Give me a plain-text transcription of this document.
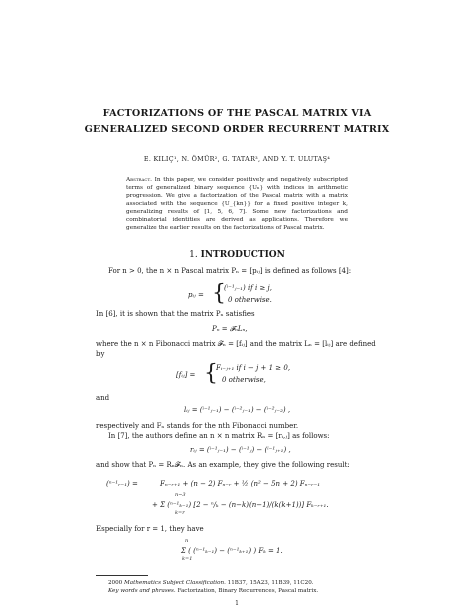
FACTORIZATIONS OF THE PASCAL MATRIX VIA
GENERALIZED SECOND ORDER RECURRENT MATRIX
E. KILIÇ¹, N. ÖMÜR², G. TATAR³, AND Y. T. ULUTAŞ⁴
Abstract. In this paper, we consider positively and negatively subscripted terms of generalized binary sequence {Uₙ} with indices in arithmetic progression. We give a factorization of the Pascal matrix with a matrix associated with the sequence {U_{kn}} for a fixed positive integer k, generalizing results of [1, 5, 6, 7]. Some new factorizations and combinatorial identities are derived as applications. Therefore we generalize the earlier results on the factorizations of Pascal matrix.
1. INTRODUCTION
For n > 0, the n × n Pascal matrix Pₙ = [pᵢⱼ] is defined as follows [4]:
pᵢⱼ = {
(ⁱ⁻¹ⱼ₋₁) if i ≥ j,
0 otherwise.
In [6], it is shown that the matrix Pₙ satisfies
Pₙ = 𝓕ₙLₙ,
where the n × n Fibonacci matrix 𝓕ₙ = [fᵢⱼ] and the matrix Lₙ = [lᵢⱼ] are defined
by
[fᵢⱼ] = {
Fᵢ₋ⱼ₊₁ if i − j + 1 ≥ 0,
0 otherwise,
and
lᵢⱼ = (ⁱ⁻¹ⱼ₋₁) − (ⁱ⁻²ⱼ₋₁) − (ⁱ⁻²ⱼ₋₂) ,
respectively and Fₙ stands for the nth Fibonacci number.
In [7], the authors define an n × n matrix Rₙ = [rᵢ,ⱼ] as follows:
rᵢⱼ = (ⁱ⁻¹ⱼ₋₁) − (ⁱ⁻¹ⱼ) − (ⁱ⁻¹ⱼ₊₁) ,
and show that Pₙ = Rₙ𝓕ₙ. As an example, they give the following result:
(ⁿ⁻¹ᵣ₋₁) =	Fₙ₋ᵣ₊₁ + (n − 2) Fₙ₋ᵣ + ½ (n² − 5n + 2) Fₙ₋ᵣ₋₁
n−3
+ Σ (ⁿ⁻¹ₖ₋₁) [2 − ⁿ/ₖ − (n−k)(n−1)/(k(k+1))] Fₖ₋ᵣ₊₁.
k=r
Especially for r = 1, they have
n
Σ ( (ⁿ⁻¹ₖ₋₁) − (ⁿ⁻¹ₖ₊₁) ) Fₖ = 1.
k=1
2000 Mathematics Subject Classification. 11B37, 15A23, 11B39, 11C20.
Key words and phrases. Factorization, Binary Recurrences, Pascal matrix.
1
